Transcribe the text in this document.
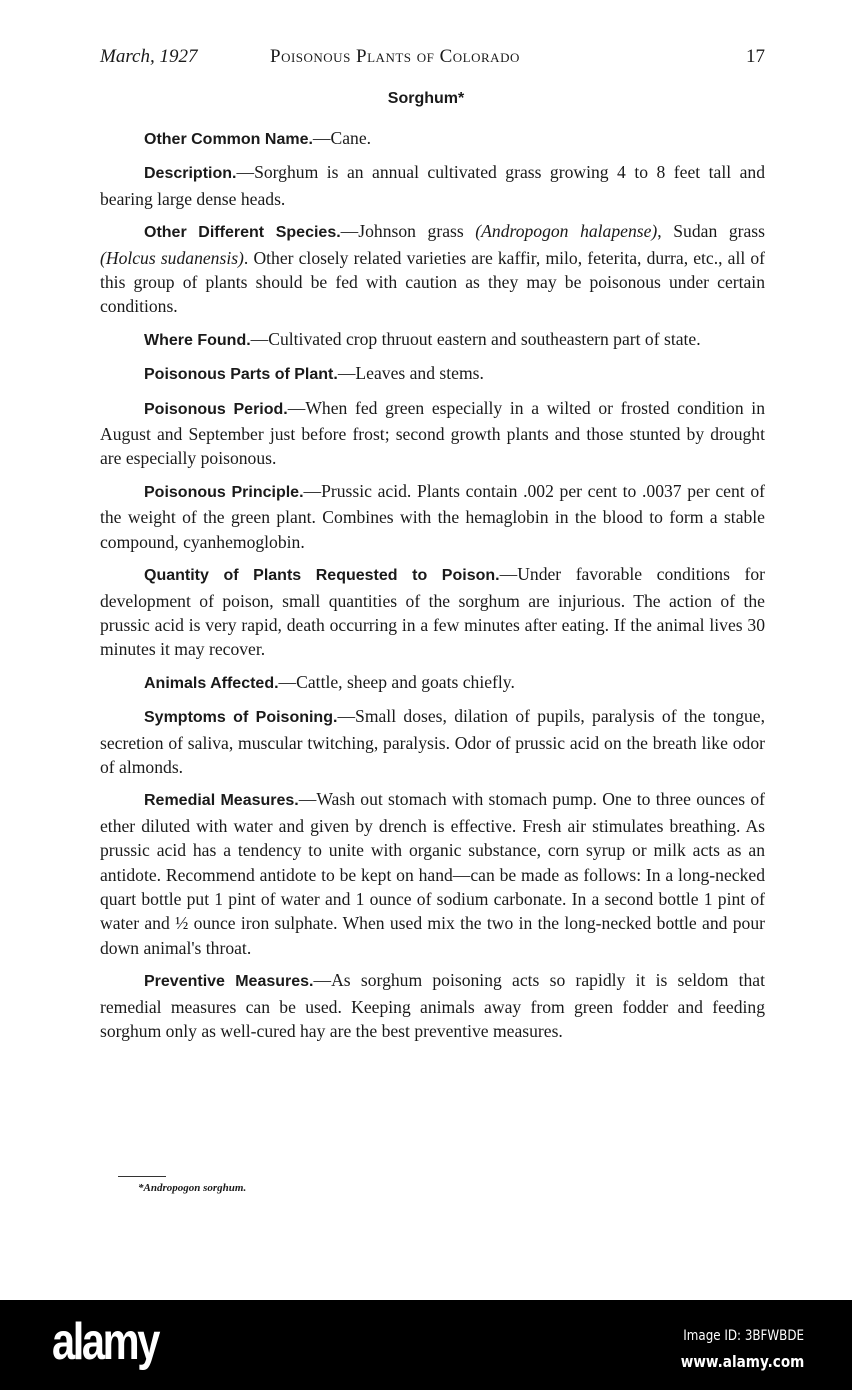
March, 1927	Poisonous Plants of Colorado	17
Sorghum*

Other Common Name.—Cane.

Description.—Sorghum is an annual cultivated grass growing 4 to 8 feet tall and bearing large dense heads.

Other Different Species.—Johnson grass (Andropogon halapense), Sudan grass (Holcus sudanensis). Other closely related varieties are kaffir, milo, feterita, durra, etc., all of this group of plants should be fed with caution as they may be poisonous under certain conditions.

Where Found.—Cultivated crop thruout eastern and southeastern part of state.

Poisonous Parts of Plant.—Leaves and stems.

Poisonous Period.—When fed green especially in a wilted or frosted condition in August and September just before frost; second growth plants and those stunted by drought are especially poisonous.

Poisonous Principle.—Prussic acid. Plants contain .002 per cent to .0037 per cent of the weight of the green plant. Combines with the hemaglobin in the blood to form a stable compound, cyanhemoglobin.

Quantity of Plants Requested to Poison.—Under favorable conditions for development of poison, small quantities of the sorghum are injurious. The action of the prussic acid is very rapid, death occurring in a few minutes after eating. If the animal lives 30 minutes it may recover.

Animals Affected.—Cattle, sheep and goats chiefly.

Symptoms of Poisoning.—Small doses, dilation of pupils, paralysis of the tongue, secretion of saliva, muscular twitching, paralysis. Odor of prussic acid on the breath like odor of almonds.

Remedial Measures.—Wash out stomach with stomach pump. One to three ounces of ether diluted with water and given by drench is effective. Fresh air stimulates breathing. As prussic acid has a tendency to unite with organic substance, corn syrup or milk acts as an antidote. Recommend antidote to be kept on hand—can be made as follows: In a long-necked quart bottle put 1 pint of water and 1 ounce of sodium carbonate. In a second bottle 1 pint of water and ½ ounce iron sulphate. When used mix the two in the long-necked bottle and pour down animal's throat.

Preventive Measures.—As sorghum poisoning acts so rapidly it is seldom that remedial measures can be used. Keeping animals away from green fodder and feeding sorghum only as well-cured hay are the best preventive measures.

*Andropogon sorghum.
alamy	Image ID: 3BFWBDE
www.alamy.com
